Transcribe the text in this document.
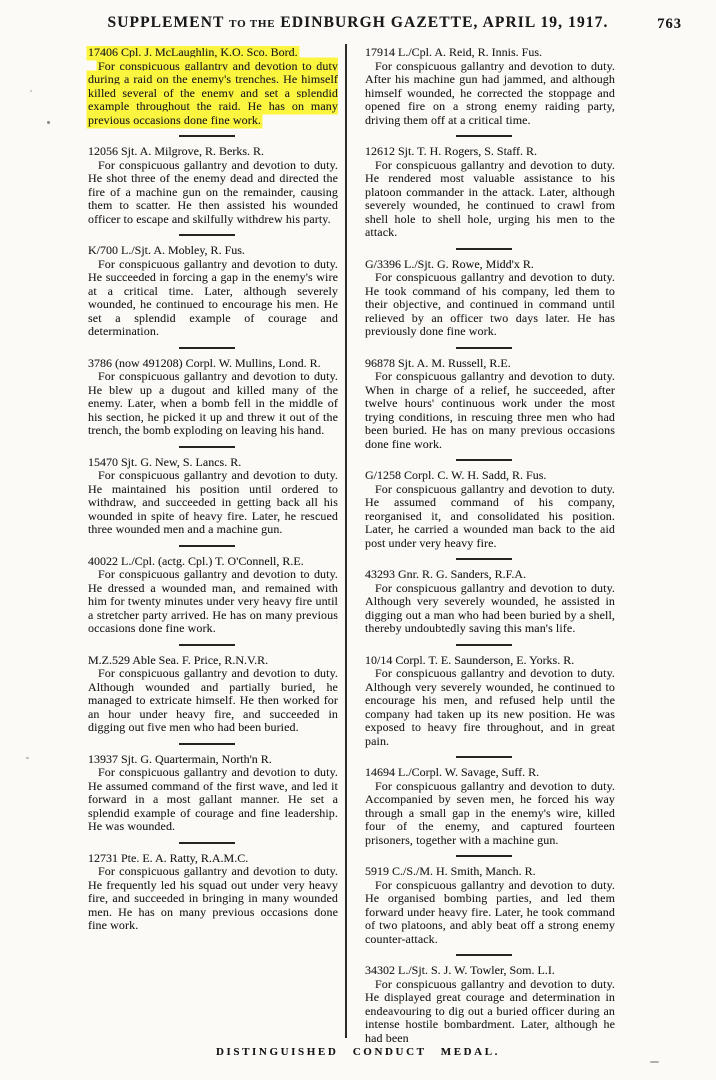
SUPPLEMENT TO THE EDINBURGH GAZETTE, APRIL 19, 1917.	763
17406 Cpl. J. McLaughlin, K.O. Sco. Bord.

For conspicuous gallantry and devotion to duty during a raid on the enemy's trenches. He himself killed several of the enemy and set a splendid example throughout the raid. He has on many previous occasions done fine work.

12056 Sjt. A. Milgrove, R. Berks. R.

For conspicuous gallantry and devotion to duty. He shot three of the enemy dead and directed the fire of a machine gun on the remainder, causing them to scatter. He then assisted his wounded officer to escape and skilfully withdrew his party.

K/700 L./Sjt. A. Mobley, R. Fus.

For conspicuous gallantry and devotion to duty. He succeeded in forcing a gap in the enemy's wire at a critical time. Later, although severely wounded, he continued to encourage his men. He set a splendid example of courage and determination.

3786 (now 491208) Corpl. W. Mullins, Lond. R.

For conspicuous gallantry and devotion to duty. He blew up a dugout and killed many of the enemy. Later, when a bomb fell in the middle of his section, he picked it up and threw it out of the trench, the bomb exploding on leaving his hand.

15470 Sjt. G. New, S. Lancs. R.

For conspicuous gallantry and devotion to duty. He maintained his position until ordered to withdraw, and succeeded in getting back all his wounded in spite of heavy fire. Later, he rescued three wounded men and a machine gun.

40022 L./Cpl. (actg. Cpl.) T. O'Connell, R.E.

For conspicuous gallantry and devotion to duty. He dressed a wounded man, and remained with him for twenty minutes under very heavy fire until a stretcher party arrived. He has on many previous occasions done fine work.

M.Z.529 Able Sea. F. Price, R.N.V.R.

For conspicuous gallantry and devotion to duty. Although wounded and partially buried, he managed to extricate himself. He then worked for an hour under heavy fire, and succeeded in digging out five men who had been buried.

13937 Sjt. G. Quartermain, North'n R.

For conspicuous gallantry and devotion to duty. He assumed command of the first wave, and led it forward in a most gallant manner. He set a splendid example of courage and fine leadership. He was wounded.

12731 Pte. E. A. Ratty, R.A.M.C.

For conspicuous gallantry and devotion to duty. He frequently led his squad out under very heavy fire, and succeeded in bringing in many wounded men. He has on many previous occasions done fine work.

17914 L./Cpl. A. Reid, R. Innis. Fus.

For conspicuous gallantry and devotion to duty. After his machine gun had jammed, and although himself wounded, he corrected the stoppage and opened fire on a strong enemy raiding party, driving them off at a critical time.

12612 Sjt. T. H. Rogers, S. Staff. R.

For conspicuous gallantry and devotion to duty. He rendered most valuable assistance to his platoon commander in the attack. Later, although severely wounded, he continued to crawl from shell hole to shell hole, urging his men to the attack.

G/3396 L./Sjt. G. Rowe, Midd'x R.

For conspicuous gallantry and devotion to duty. He took command of his company, led them to their objective, and continued in command until relieved by an officer two days later. He has previously done fine work.

96878 Sjt. A. M. Russell, R.E.

For conspicuous gallantry and devotion to duty. When in charge of a relief, he succeeded, after twelve hours' continuous work under the most trying conditions, in rescuing three men who had been buried. He has on many previous occasions done fine work.

G/1258 Corpl. C. W. H. Sadd, R. Fus.

For conspicuous gallantry and devotion to duty. He assumed command of his company, reorganised it, and consolidated his position. Later, he carried a wounded man back to the aid post under very heavy fire.

43293 Gnr. R. G. Sanders, R.F.A.

For conspicuous gallantry and devotion to duty. Although very severely wounded, he assisted in digging out a man who had been buried by a shell, thereby undoubtedly saving this man's life.

10/14 Corpl. T. E. Saunderson, E. Yorks. R.

For conspicuous gallantry and devotion to duty. Although very severely wounded, he continued to encourage his men, and refused help until the company had taken up its new position. He was exposed to heavy fire throughout, and in great pain.

14694 L./Corpl. W. Savage, Suff. R.

For conspicuous gallantry and devotion to duty. Accompanied by seven men, he forced his way through a small gap in the enemy's wire, killed four of the enemy, and captured fourteen prisoners, together with a machine gun.

5919 C./S./M. H. Smith, Manch. R.

For conspicuous gallantry and devotion to duty. He organised bombing parties, and led them forward under heavy fire. Later, he took command of two platoons, and ably beat off a strong enemy counter-attack.

34302 L./Sjt. S. J. W. Towler, Som. L.I.

For conspicuous gallantry and devotion to duty. He displayed great courage and determination in endeavouring to dig out a buried officer during an intense hostile bombardment. Later, although he had been

DISTINGUISHED CONDUCT MEDAL.
